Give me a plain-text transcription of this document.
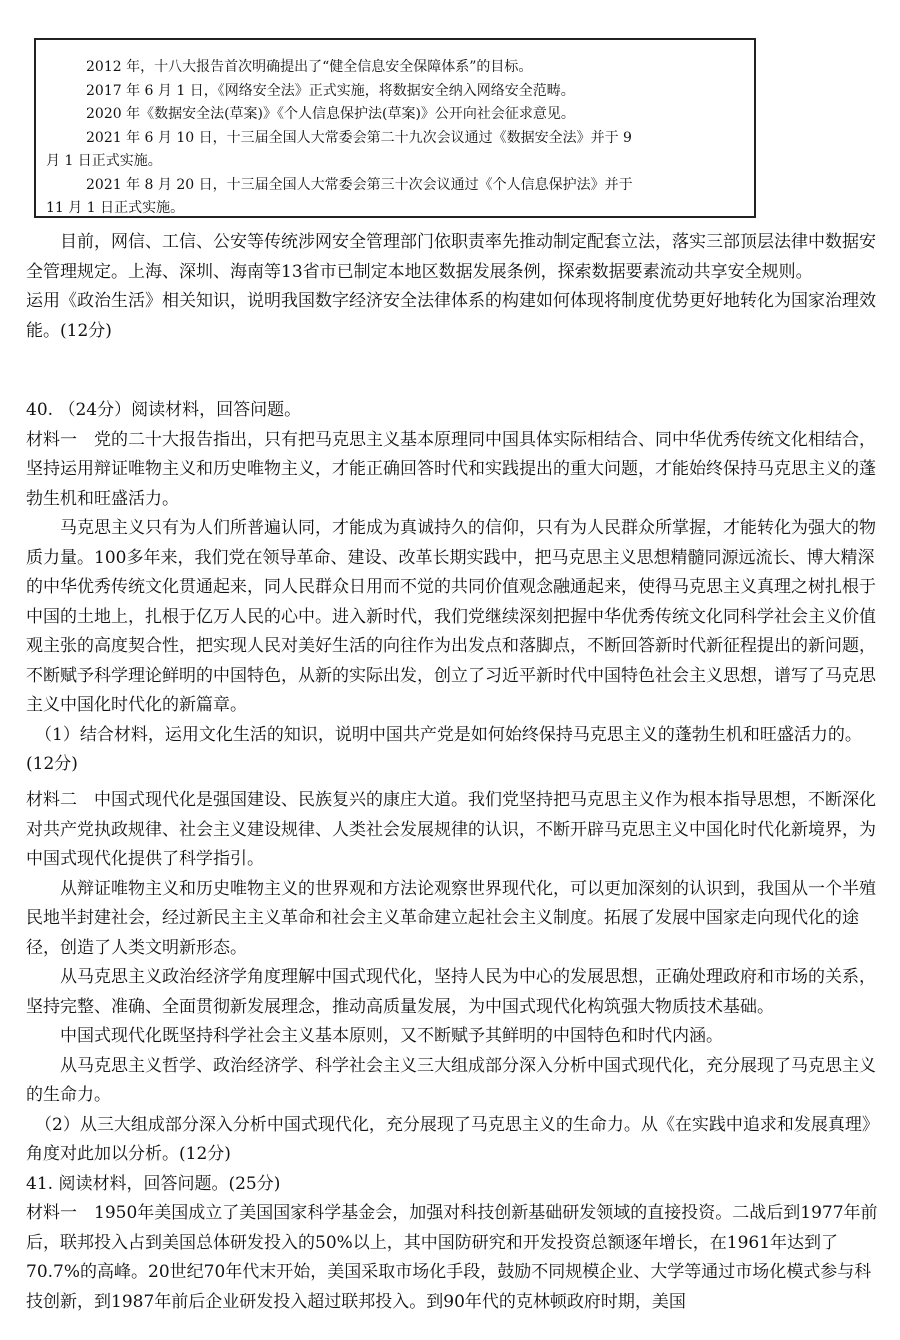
2012 年，十八大报告首次明确提出了“健全信息安全保障体系”的目标。
2017 年 6 月 1 日，《网络安全法》正式实施，将数据安全纳入网络安全范畴。
2020 年《数据安全法(草案)》《个人信息保护法(草案)》公开向社会征求意见。
2021 年 6 月 10 日，十三届全国人大常委会第二十九次会议通过《数据安全法》并于 9
月 1 日正式实施。
2021 年 8 月 20 日，十三届全国人大常委会第三十次会议通过《个人信息保护法》并于
11 月 1 日正式实施。

目前，网信、工信、公安等传统涉网安全管理部门依职责率先推动制定配套立法，落实三部顶层法律中数据安全管理规定。上海、深圳、海南等13省市已制定本地区数据发展条例，探索数据要素流动共享安全规则。

运用《政治生活》相关知识，说明我国数字经济安全法律体系的构建如何体现将制度优势更好地转化为国家治理效能。(12分)

40. （24分）阅读材料，回答问题。

材料一　党的二十大报告指出，只有把马克思主义基本原理同中国具体实际相结合、同中华优秀传统文化相结合，坚持运用辩证唯物主义和历史唯物主义，才能正确回答时代和实践提出的重大问题，才能始终保持马克思主义的蓬勃生机和旺盛活力。

马克思主义只有为人们所普遍认同，才能成为真诚持久的信仰，只有为人民群众所掌握，才能转化为强大的物质力量。100多年来，我们党在领导革命、建设、改革长期实践中，把马克思主义思想精髓同源远流长、博大精深的中华优秀传统文化贯通起来，同人民群众日用而不觉的共同价值观念融通起来，使得马克思主义真理之树扎根于中国的土地上，扎根于亿万人民的心中。进入新时代，我们党继续深刻把握中华优秀传统文化同科学社会主义价值观主张的高度契合性，把实现人民对美好生活的向往作为出发点和落脚点，不断回答新时代新征程提出的新问题，不断赋予科学理论鲜明的中国特色，从新的实际出发，创立了习近平新时代中国特色社会主义思想，谱写了马克思主义中国化时代化的新篇章。

（1）结合材料，运用文化生活的知识，说明中国共产党是如何始终保持马克思主义的蓬勃生机和旺盛活力的。(12分)

材料二　中国式现代化是强国建设、民族复兴的康庄大道。我们党坚持把马克思主义作为根本指导思想，不断深化对共产党执政规律、社会主义建设规律、人类社会发展规律的认识，不断开辟马克思主义中国化时代化新境界，为中国式现代化提供了科学指引。

从辩证唯物主义和历史唯物主义的世界观和方法论观察世界现代化，可以更加深刻的认识到，我国从一个半殖民地半封建社会，经过新民主主义革命和社会主义革命建立起社会主义制度。拓展了发展中国家走向现代化的途径，创造了人类文明新形态。

从马克思主义政治经济学角度理解中国式现代化，坚持人民为中心的发展思想，正确处理政府和市场的关系，坚持完整、准确、全面贯彻新发展理念，推动高质量发展，为中国式现代化构筑强大物质技术基础。

中国式现代化既坚持科学社会主义基本原则，又不断赋予其鲜明的中国特色和时代内涵。

从马克思主义哲学、政治经济学、科学社会主义三大组成部分深入分析中国式现代化，充分展现了马克思主义的生命力。

（2）从三大组成部分深入分析中国式现代化，充分展现了马克思主义的生命力。从《在实践中追求和发展真理》角度对此加以分析。(12分)

41. 阅读材料，回答问题。(25分)

材料一　1950年美国成立了美国国家科学基金会，加强对科技创新基础研发领域的直接投资。二战后到1977年前后，联邦投入占到美国总体研发投入的50%以上，其中国防研究和开发投资总额逐年增长，在1961年达到了70.7%的高峰。20世纪70年代末开始，美国采取市场化手段，鼓励不同规模企业、大学等通过市场化模式参与科技创新，到1987年前后企业研发投入超过联邦投入。到90年代的克林顿政府时期，美国
